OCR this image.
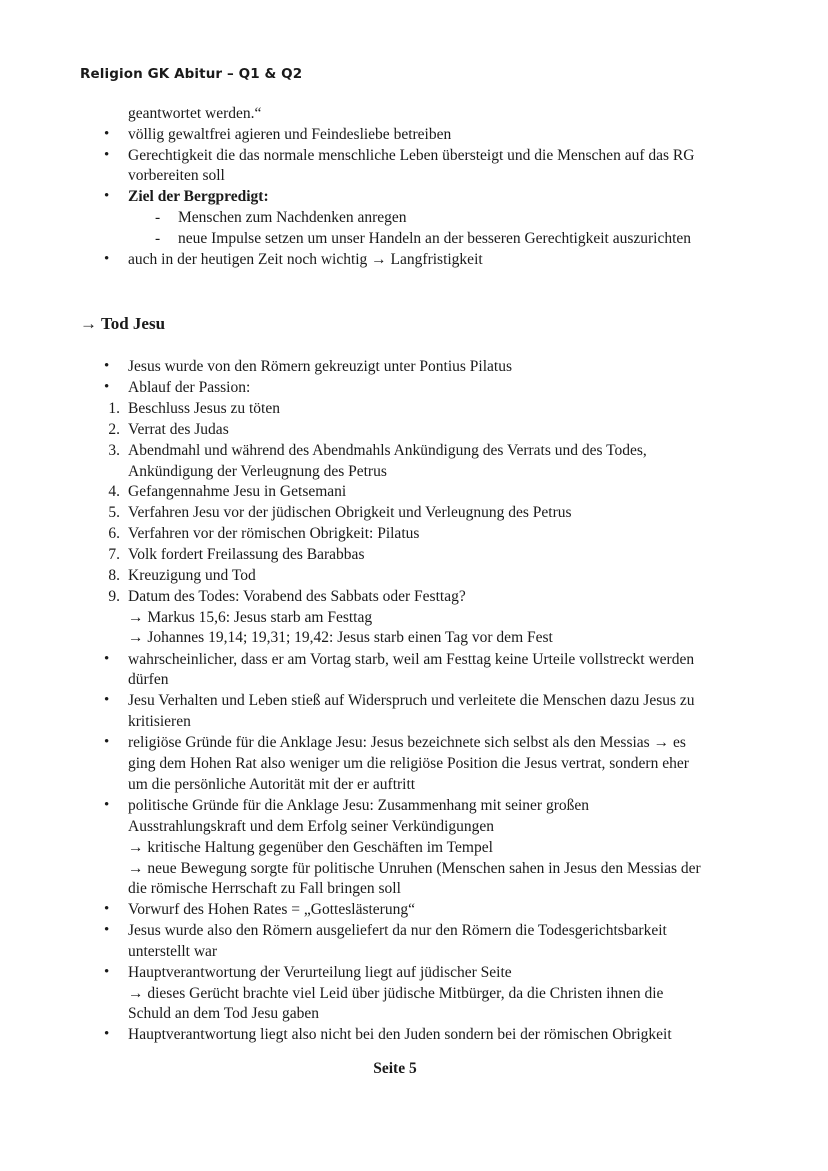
Religion GK Abitur – Q1 & Q2
geantwortet werden.“
• völlig gewaltfrei agieren und Feindesliebe betreiben
• Gerechtigkeit die das normale menschliche Leben übersteigt und die Menschen auf das RG
vorbereiten soll
• Ziel der Bergpredigt:
- Menschen zum Nachdenken anregen
- neue Impulse setzen um unser Handeln an der besseren Gerechtigkeit auszurichten
• auch in der heutigen Zeit noch wichtig → Langfristigkeit
→ Tod Jesu
• Jesus wurde von den Römern gekreuzigt unter Pontius Pilatus
• Ablauf der Passion:
1. Beschluss Jesus zu töten
2. Verrat des Judas
3. Abendmahl und während des Abendmahls Ankündigung des Verrats und des Todes,
Ankündigung der Verleugnung des Petrus
4. Gefangennahme Jesu in Getsemani
5. Verfahren Jesu vor der jüdischen Obrigkeit und Verleugnung des Petrus
6. Verfahren vor der römischen Obrigkeit: Pilatus
7. Volk fordert Freilassung des Barabbas
8. Kreuzigung und Tod
9. Datum des Todes: Vorabend des Sabbats oder Festtag?
→ Markus 15,6: Jesus starb am Festtag
→ Johannes 19,14; 19,31; 19,42: Jesus starb einen Tag vor dem Fest
• wahrscheinlicher, dass er am Vortag starb, weil am Festtag keine Urteile vollstreckt werden
dürfen
• Jesu Verhalten und Leben stieß auf Widerspruch und verleitete die Menschen dazu Jesus zu
kritisieren
• religiöse Gründe für die Anklage Jesu: Jesus bezeichnete sich selbst als den Messias → es
ging dem Hohen Rat also weniger um die religiöse Position die Jesus vertrat, sondern eher
um die persönliche Autorität mit der er auftritt
• politische Gründe für die Anklage Jesu: Zusammenhang mit seiner großen
Ausstrahlungskraft und dem Erfolg seiner Verkündigungen
→ kritische Haltung gegenüber den Geschäften im Tempel
→ neue Bewegung sorgte für politische Unruhen (Menschen sahen in Jesus den Messias der
die römische Herrschaft zu Fall bringen soll
• Vorwurf des Hohen Rates = „Gotteslästerung“
• Jesus wurde also den Römern ausgeliefert da nur den Römern die Todesgerichtsbarkeit
unterstellt war
• Hauptverantwortung der Verurteilung liegt auf jüdischer Seite
→ dieses Gerücht brachte viel Leid über jüdische Mitbürger, da die Christen ihnen die
Schuld an dem Tod Jesu gaben
• Hauptverantwortung liegt also nicht bei den Juden sondern bei der römischen Obrigkeit
Seite 5
